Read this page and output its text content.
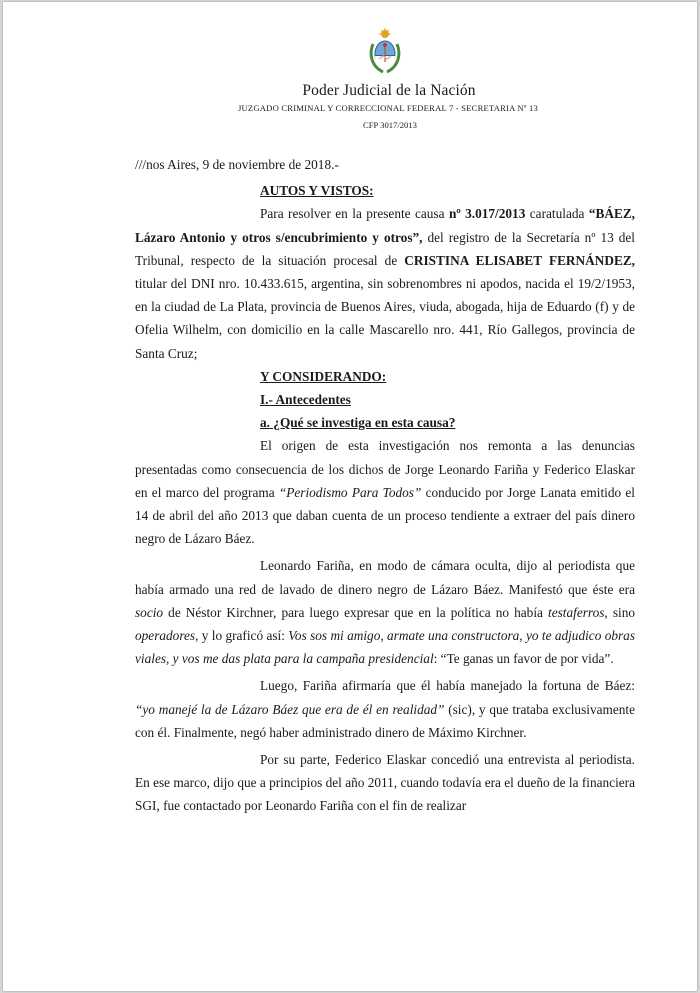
Poder Judicial de la Nación
JUZGADO CRIMINAL Y CORRECCIONAL FEDERAL 7 - SECRETARIA Nº 13
CFP 3017/2013

///nos Aires, 9 de noviembre de 2018.-

AUTOS Y VISTOS:

Para resolver en la presente causa nº 3.017/2013 caratulada “BÁEZ, Lázaro Antonio y otros s/encubrimiento y otros”, del registro de la Secretaría nº 13 del Tribunal, respecto de la situación procesal de CRISTINA ELISABET FERNÁNDEZ, titular del DNI nro. 10.433.615, argentina, sin sobrenombres ni apodos, nacida el 19/2/1953, en la ciudad de La Plata, provincia de Buenos Aires, viuda, abogada, hija de Eduardo (f) y de Ofelia Wilhelm, con domicilio en la calle Mascarello nro. 441, Río Gallegos, provincia de Santa Cruz;

Y CONSIDERANDO:

I.- Antecedentes

a. ¿Qué se investiga en esta causa?

El origen de esta investigación nos remonta a las denuncias presentadas como consecuencia de los dichos de Jorge Leonardo Fariña y Federico Elaskar en el marco del programa “Periodismo Para Todos” conducido por Jorge Lanata emitido el 14 de abril del año 2013 que daban cuenta de un proceso tendiente a extraer del país dinero negro de Lázaro Báez.

Leonardo Fariña, en modo de cámara oculta, dijo al periodista que había armado una red de lavado de dinero negro de Lázaro Báez. Manifestó que éste era socio de Néstor Kirchner, para luego expresar que en la política no había testaferros, sino operadores, y lo graficó así: Vos sos mi amigo, armate una constructora, yo te adjudico obras viales, y vos me das plata para la campaña presidencial: “Te ganas un favor de por vida”.

Luego, Fariña afirmaría que él había manejado la fortuna de Báez: “yo manejé la de Lázaro Báez que era de él en realidad” (sic), y que trataba exclusivamente con él. Finalmente, negó haber administrado dinero de Máximo Kirchner.

Por su parte, Federico Elaskar concedió una entrevista al periodista. En ese marco, dijo que a principios del año 2011, cuando todavía era el dueño de la financiera SGI, fue contactado por Leonardo Fariña con el fin de realizar
